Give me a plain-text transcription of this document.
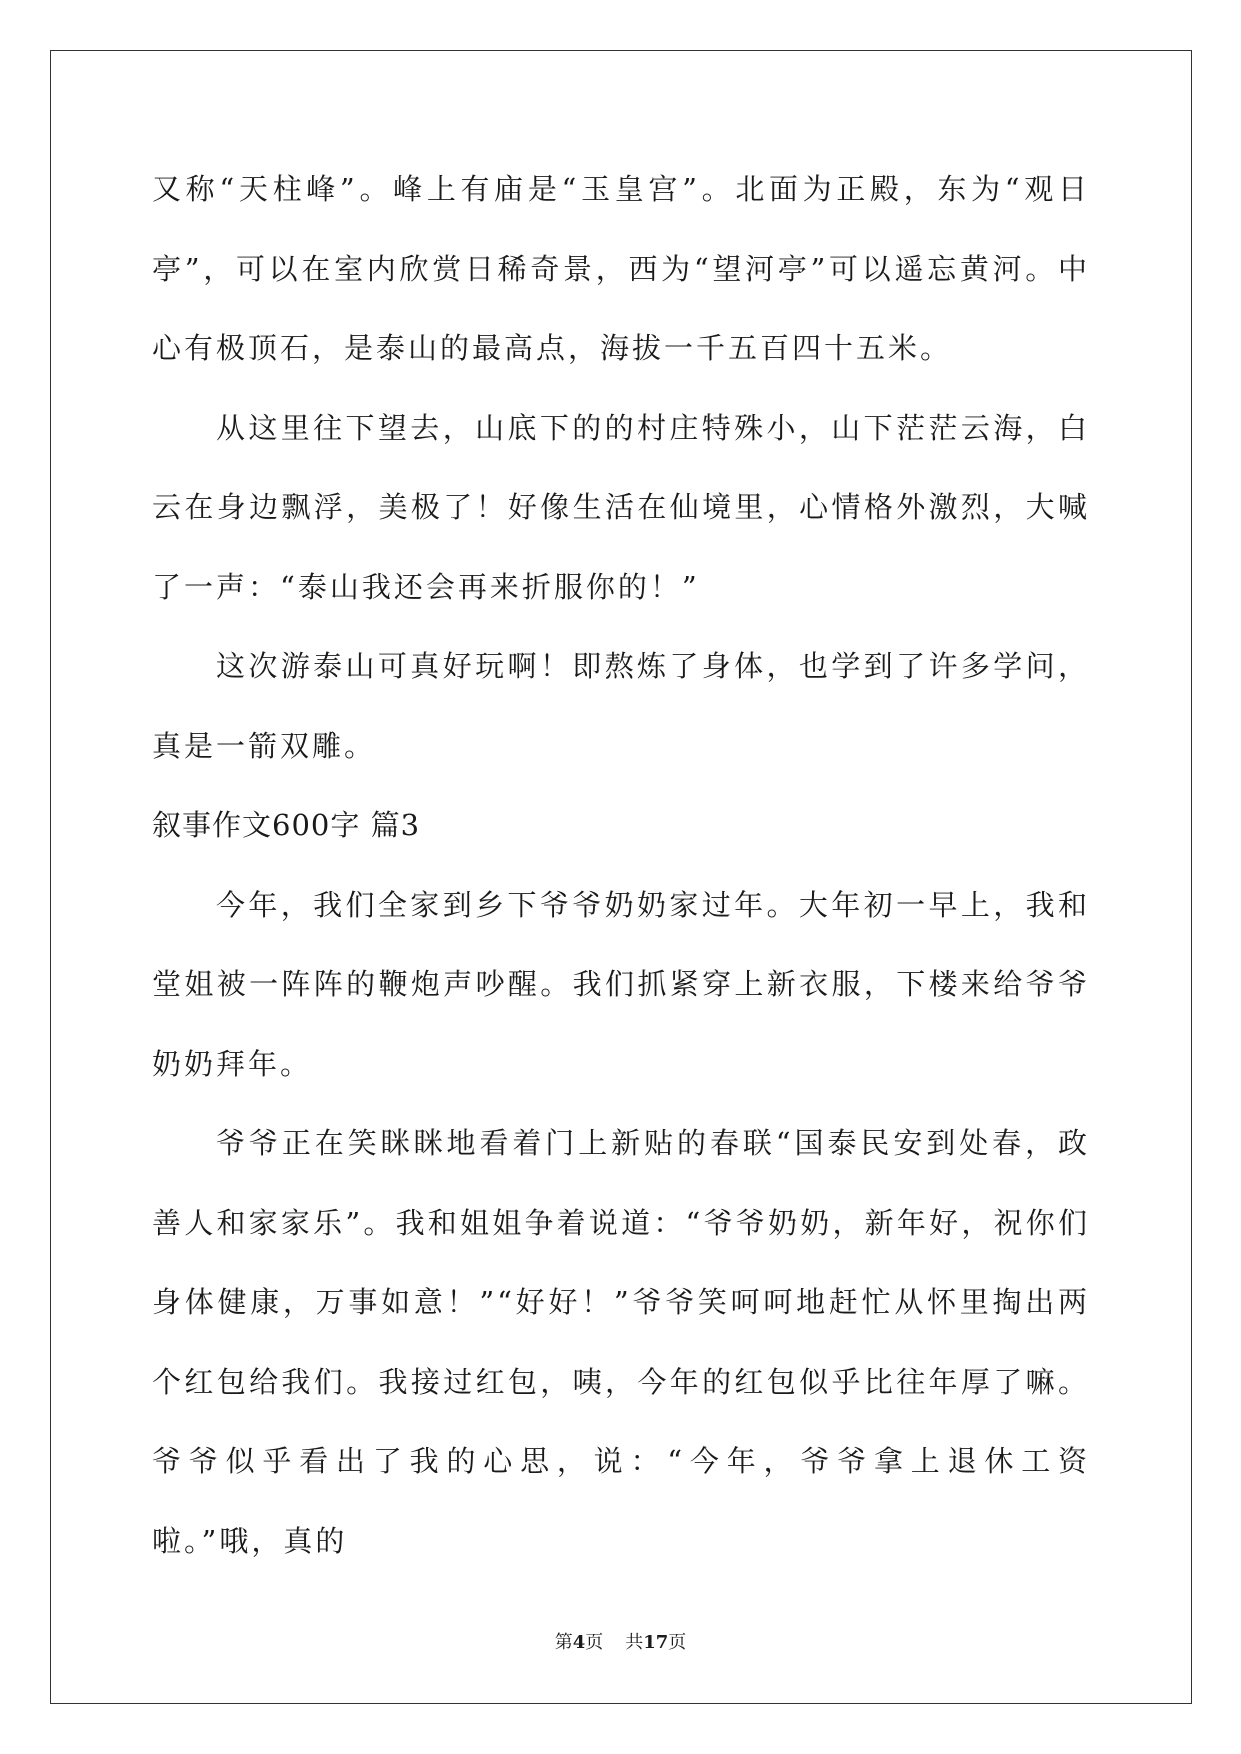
又称“天柱峰”。峰上有庙是“玉皇宫”。北面为正殿，东为“观日亭”，可以在室内欣赏日稀奇景，西为“望河亭”可以遥忘黄河。中心有极顶石，是泰山的最高点，海拔一千五百四十五米。

从这里往下望去，山底下的的村庄特殊小，山下茫茫云海，白云在身边飘浮，美极了！好像生活在仙境里，心情格外激烈，大喊了一声：“泰山我还会再来折服你的！”

这次游泰山可真好玩啊！即熬炼了身体，也学到了许多学问，真是一箭双雕。

叙事作文600字 篇3

今年，我们全家到乡下爷爷奶奶家过年。大年初一早上，我和堂姐被一阵阵的鞭炮声吵醒。我们抓紧穿上新衣服，下楼来给爷爷奶奶拜年。

爷爷正在笑眯眯地看着门上新贴的春联“国泰民安到处春，政善人和家家乐”。我和姐姐争着说道：“爷爷奶奶，新年好，祝你们身体健康，万事如意！”“好好！”爷爷笑呵呵地赶忙从怀里掏出两个红包给我们。我接过红包，咦，今年的红包似乎比往年厚了嘛。爷爷似乎看出了我的心思，说：“今年，爷爷拿上退休工资啦。”哦，真的

第4页 共17页
